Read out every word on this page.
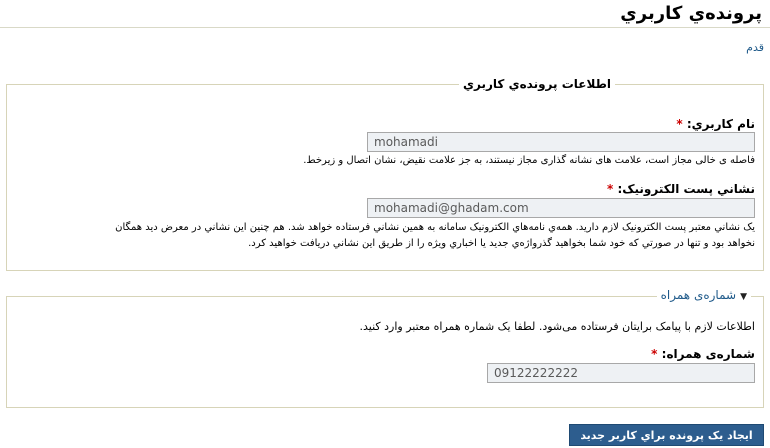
پرونده‌ي کاربري
قدم
اطلاعات پرونده‌ي کاربري
نام کاربري: *
mohamadi
فاصله ی خالی مجاز است، علامت های نشانه گذاری مجاز نیستند، به جز علامت نقیض، نشان اتصال و زیرخط.
نشاني پست الکترونيک: *
mohamadi@ghadam.com
يک نشاني معتبر پست الکترونيک لازم داريد. همه‌ي نامه‌هاي الکترونيک سامانه به همين نشاني فرستاده خواهد شد. هم چنين اين نشاني در معرض ديد همگان
نخواهد بود و تنها در صورتي که خود شما بخواهيد گذرواژه‌ي جديد يا اخباري ويژه را از طريق اين نشاني دريافت خواهيد کرد.
▼شماره‌ی همراه
اطلاعات لازم با پیامک برایتان فرستاده می‌شود. لطفا یک شماره همراه معتبر وارد کنید.
شماره‌ی همراه: *
09122222222
ايجاد يک پرونده براي کاربر جديد
